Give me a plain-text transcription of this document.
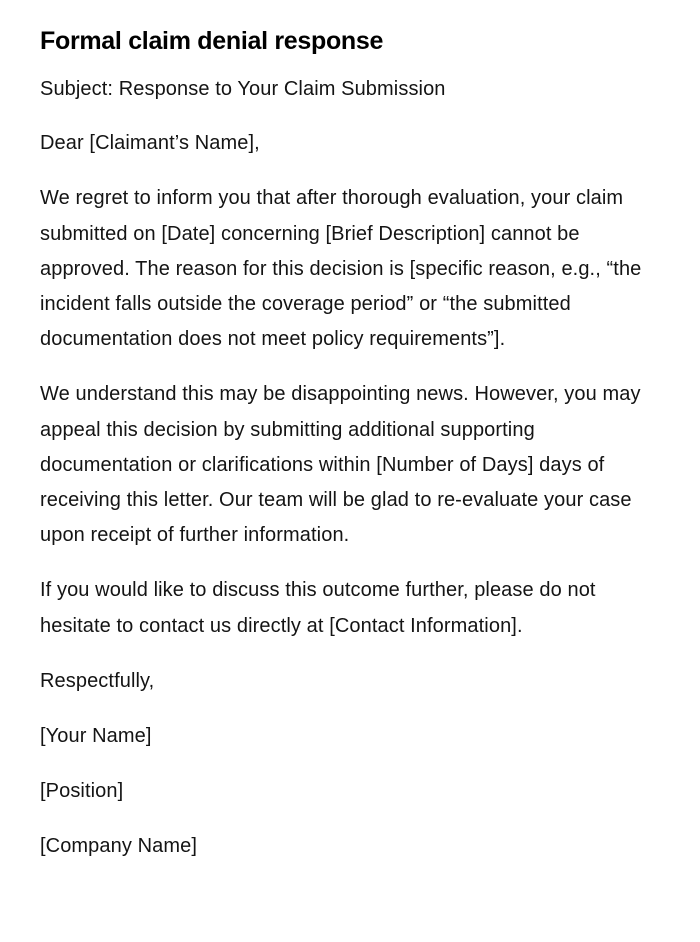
Formal claim denial response

Subject: Response to Your Claim Submission

Dear [Claimant’s Name],

We regret to inform you that after thorough evaluation, your claim submitted on [Date] concerning [Brief Description] cannot be approved. The reason for this decision is [specific reason, e.g., “the incident falls outside the coverage period” or “the submitted documentation does not meet policy requirements”].

We understand this may be disappointing news. However, you may appeal this decision by submitting additional supporting documentation or clarifications within [Number of Days] days of receiving this letter. Our team will be glad to re-evaluate your case upon receipt of further information.

If you would like to discuss this outcome further, please do not hesitate to contact us directly at [Contact Information].

Respectfully,

[Your Name]

[Position]

[Company Name]
